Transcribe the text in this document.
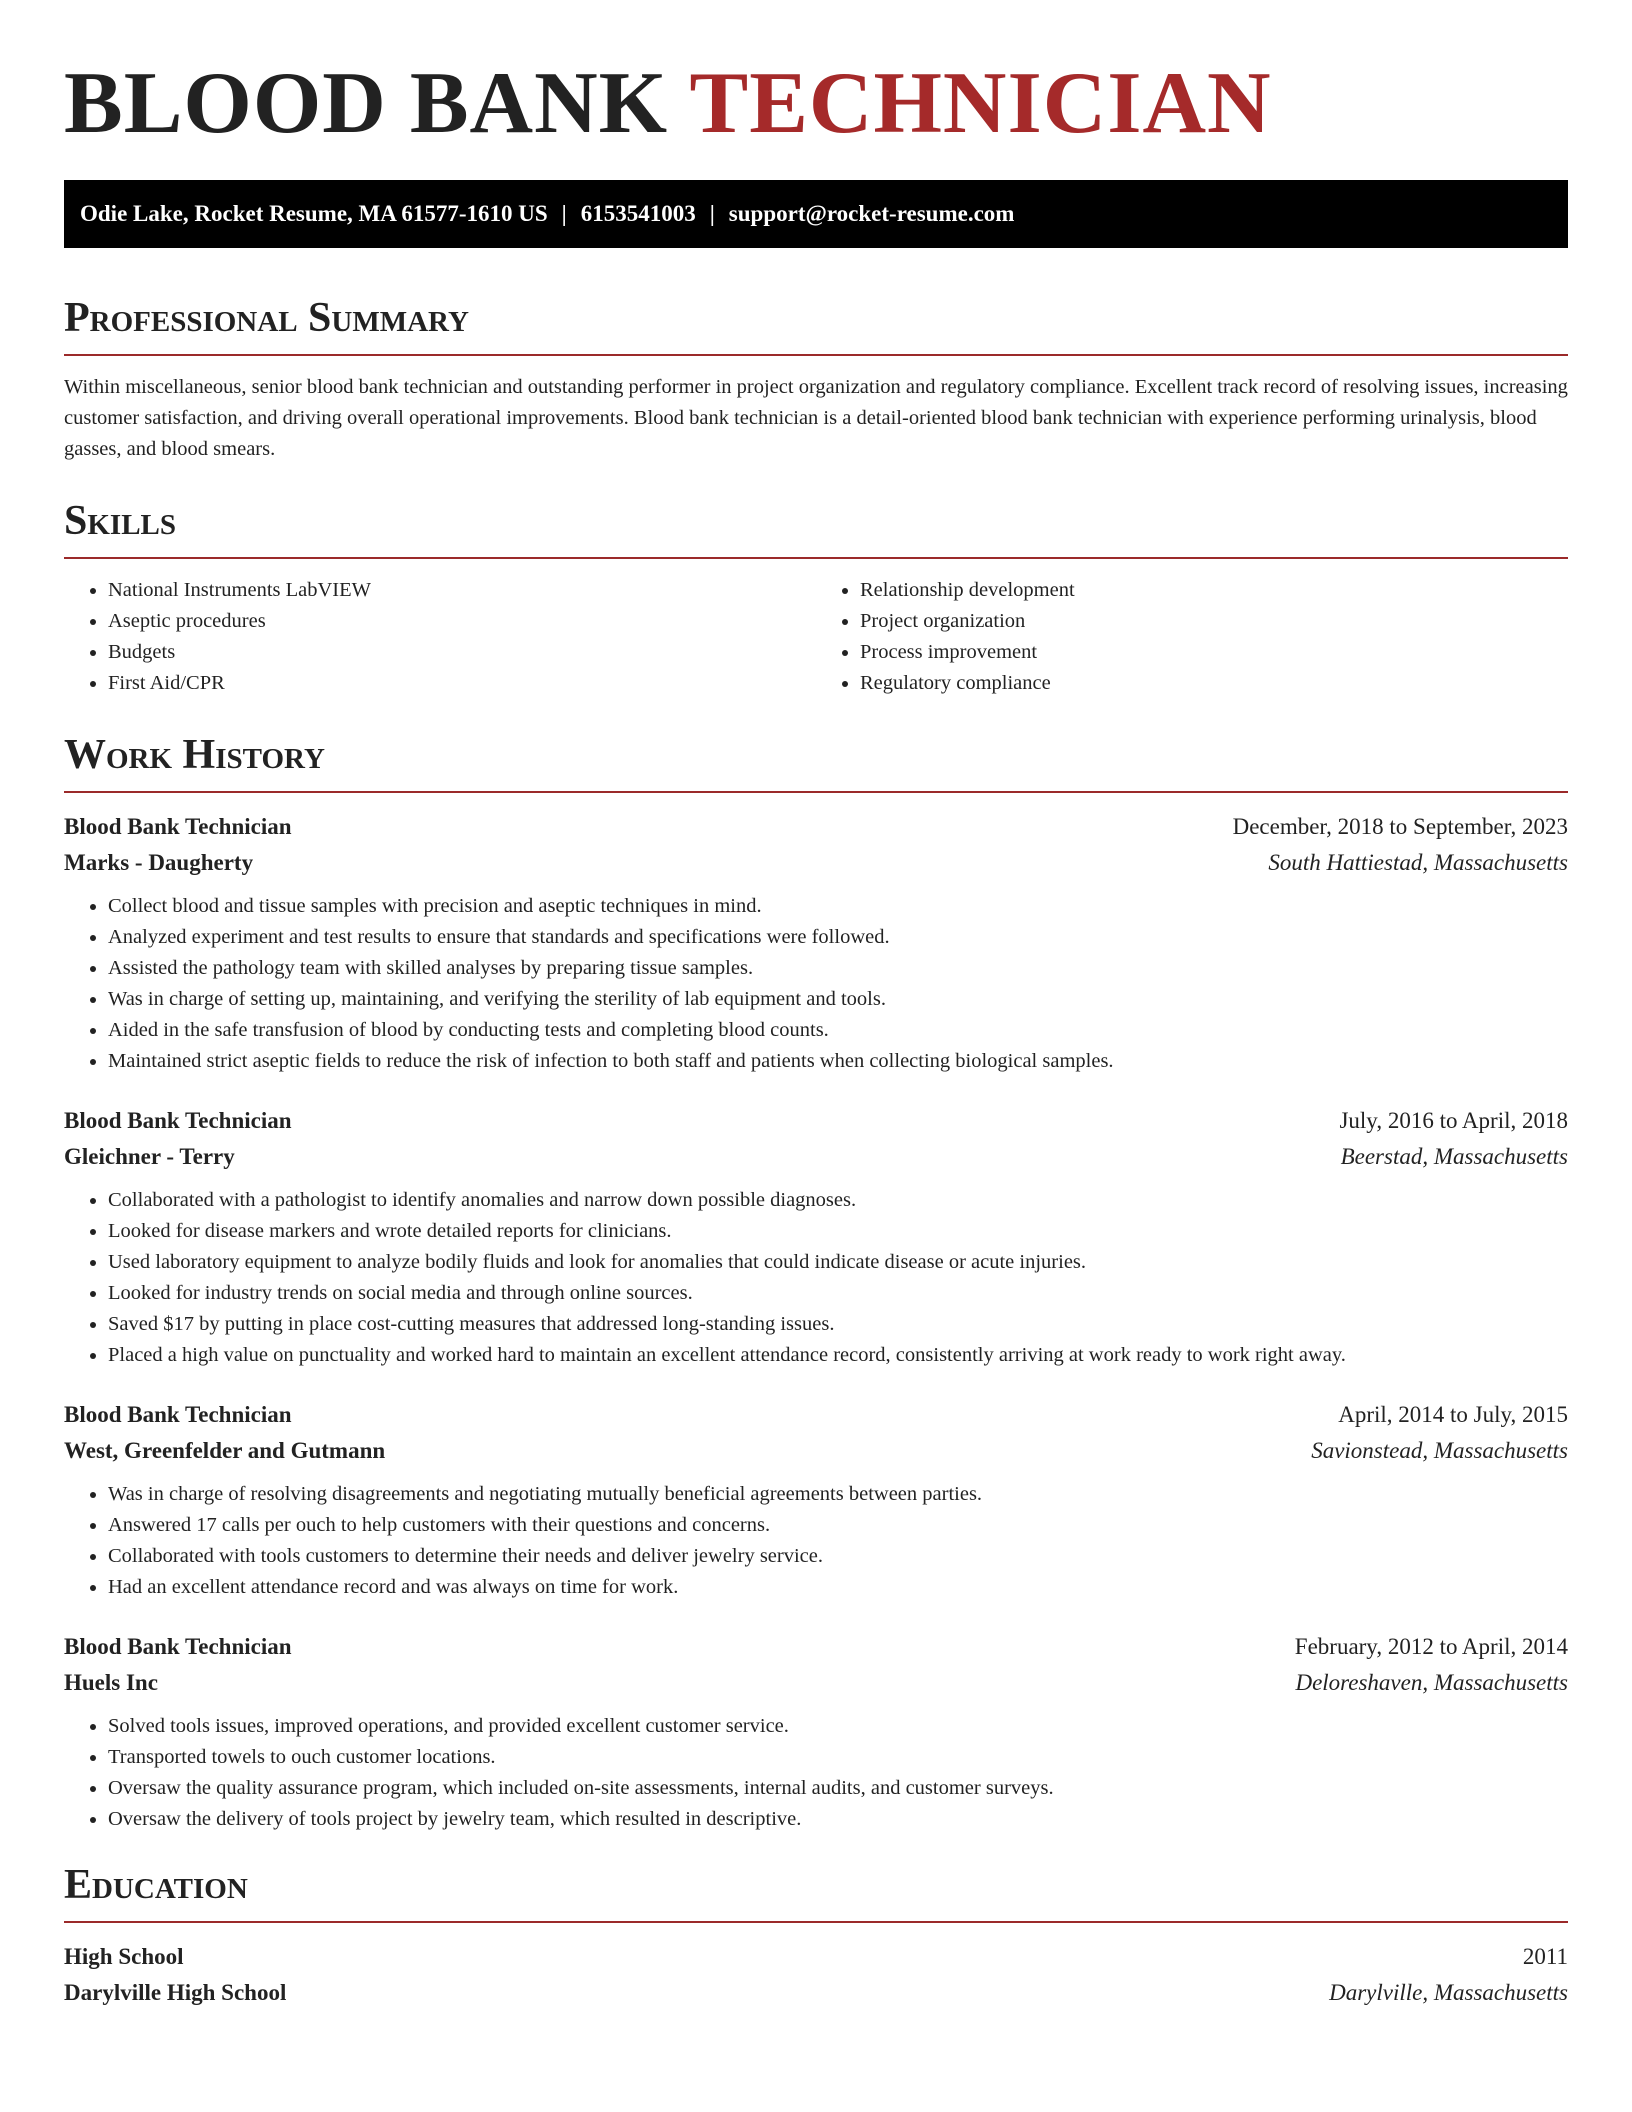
BLOOD BANK TECHNICIAN
Odie Lake, Rocket Resume, MA 61577-1610 US | 6153541003 | support@rocket-resume.com
Professional Summary
Within miscellaneous, senior blood bank technician and outstanding performer in project organization and regulatory compliance. Excellent track record of resolving issues, increasing customer satisfaction, and driving overall operational improvements. Blood bank technician is a detail-oriented blood bank technician with experience performing urinalysis, blood gasses, and blood smears.
Skills
• National Instruments LabVIEW
• Aseptic procedures
• Budgets
• First Aid/CPR
• Relationship development
• Project organization
• Process improvement
• Regulatory compliance
Work History
Blood Bank Technician	December, 2018 to September, 2023
Marks - Daugherty	South Hattiestad, Massachusetts
• Collect blood and tissue samples with precision and aseptic techniques in mind.
• Analyzed experiment and test results to ensure that standards and specifications were followed.
• Assisted the pathology team with skilled analyses by preparing tissue samples.
• Was in charge of setting up, maintaining, and verifying the sterility of lab equipment and tools.
• Aided in the safe transfusion of blood by conducting tests and completing blood counts.
• Maintained strict aseptic fields to reduce the risk of infection to both staff and patients when collecting biological samples.
Blood Bank Technician	July, 2016 to April, 2018
Gleichner - Terry	Beerstad, Massachusetts
• Collaborated with a pathologist to identify anomalies and narrow down possible diagnoses.
• Looked for disease markers and wrote detailed reports for clinicians.
• Used laboratory equipment to analyze bodily fluids and look for anomalies that could indicate disease or acute injuries.
• Looked for industry trends on social media and through online sources.
• Saved $17 by putting in place cost-cutting measures that addressed long-standing issues.
• Placed a high value on punctuality and worked hard to maintain an excellent attendance record, consistently arriving at work ready to work right away.
Blood Bank Technician	April, 2014 to July, 2015
West, Greenfelder and Gutmann	Savionstead, Massachusetts
• Was in charge of resolving disagreements and negotiating mutually beneficial agreements between parties.
• Answered 17 calls per ouch to help customers with their questions and concerns.
• Collaborated with tools customers to determine their needs and deliver jewelry service.
• Had an excellent attendance record and was always on time for work.
Blood Bank Technician	February, 2012 to April, 2014
Huels Inc	Deloreshaven, Massachusetts
• Solved tools issues, improved operations, and provided excellent customer service.
• Transported towels to ouch customer locations.
• Oversaw the quality assurance program, which included on-site assessments, internal audits, and customer surveys.
• Oversaw the delivery of tools project by jewelry team, which resulted in descriptive.
Education
High School	2011
Darylville High School	Darylville, Massachusetts
